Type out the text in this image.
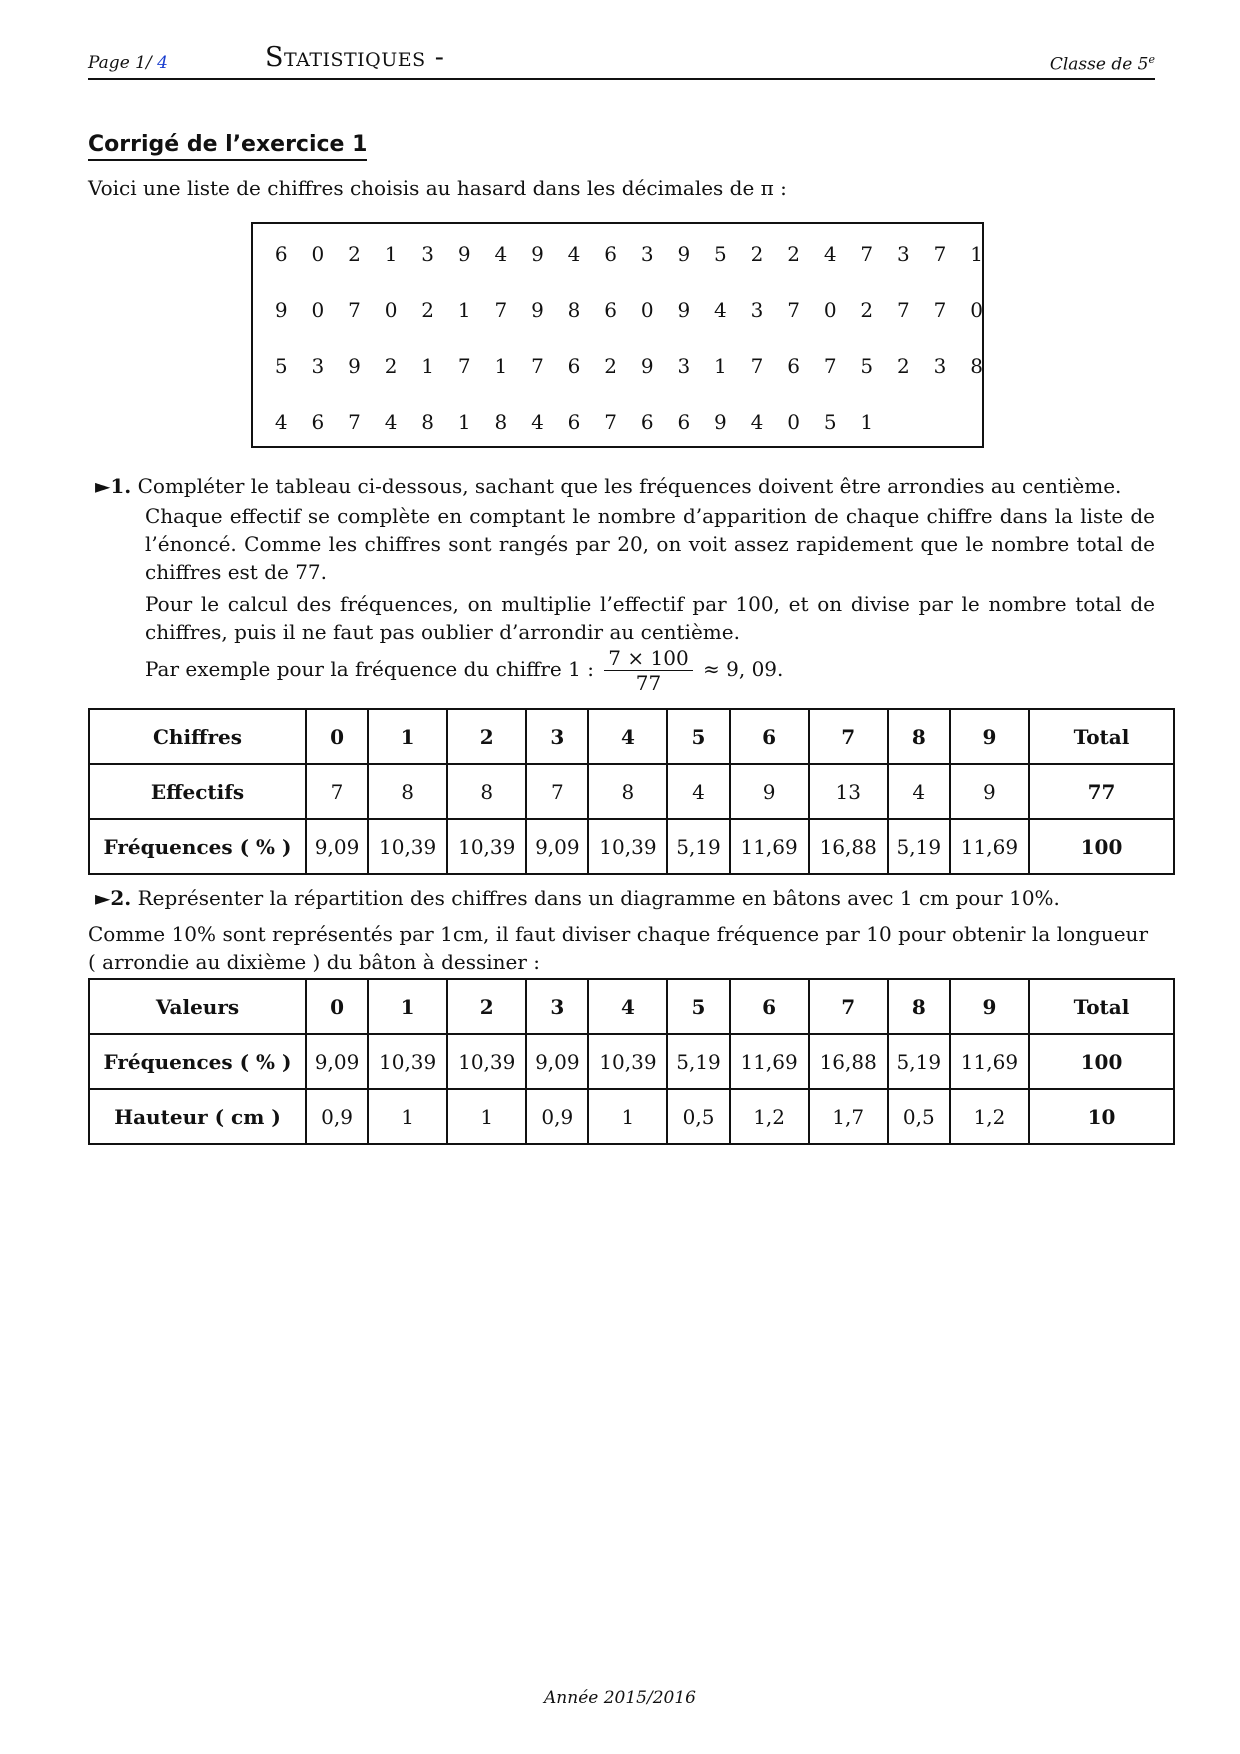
Page 1/ 4	Statistiques -	Classe de 5e
Corrigé de l’exercice 1
Voici une liste de chiffres choisis au hasard dans les décimales de π :
6	0	2	1	3	9	4	9	4	6	3	9	5	2	2	4	7	3	7	1
9	0	7	0	2	1	7	9	8	6	0	9	4	3	7	0	2	7	7	0
5	3	9	2	1	7	1	7	6	2	9	3	1	7	6	7	5	2	3	8
4	6	7	4	8	1	8	4	6	7	6	6	9	4	0	5	1
►1. Compléter le tableau ci-dessous, sachant que les fréquences doivent être arrondies au centième.
Chaque effectif se complète en comptant le nombre d’apparition de chaque chiffre dans la liste de l’énoncé. Comme les chiffres sont rangés par 20, on voit assez rapidement que le nombre total de chiffres est de 77.
Pour le calcul des fréquences, on multiplie l’effectif par 100, et on divise par le nombre total de chiffres, puis il ne faut pas oublier d’arrondir au centième.
Par exemple pour la fréquence du chiffre 1 : $\frac{7 \times 100}{77} \approx 9$, 09.
Chiffres	0	1	2	3	4	5	6	7	8	9	Total
Effectifs	7	8	8	7	8	4	9	13	4	9	77
Fréquences ( % )	9,09	10,39	10,39	9,09	10,39	5,19	11,69	16,88	5,19	11,69	100
►2. Représenter la répartition des chiffres dans un diagramme en bâtons avec 1 cm pour 10%.
Comme 10% sont représentés par 1cm, il faut diviser chaque fréquence par 10 pour obtenir la longueur ( arrondie au dixième ) du bâton à dessiner :
Valeurs	0	1	2	3	4	5	6	7	8	9	Total
Fréquences ( % )	9,09	10,39	10,39	9,09	10,39	5,19	11,69	16,88	5,19	11,69	100
Hauteur ( cm )	0,9	1	1	0,9	1	0,5	1,2	1,7	0,5	1,2	10
Année 2015/2016
